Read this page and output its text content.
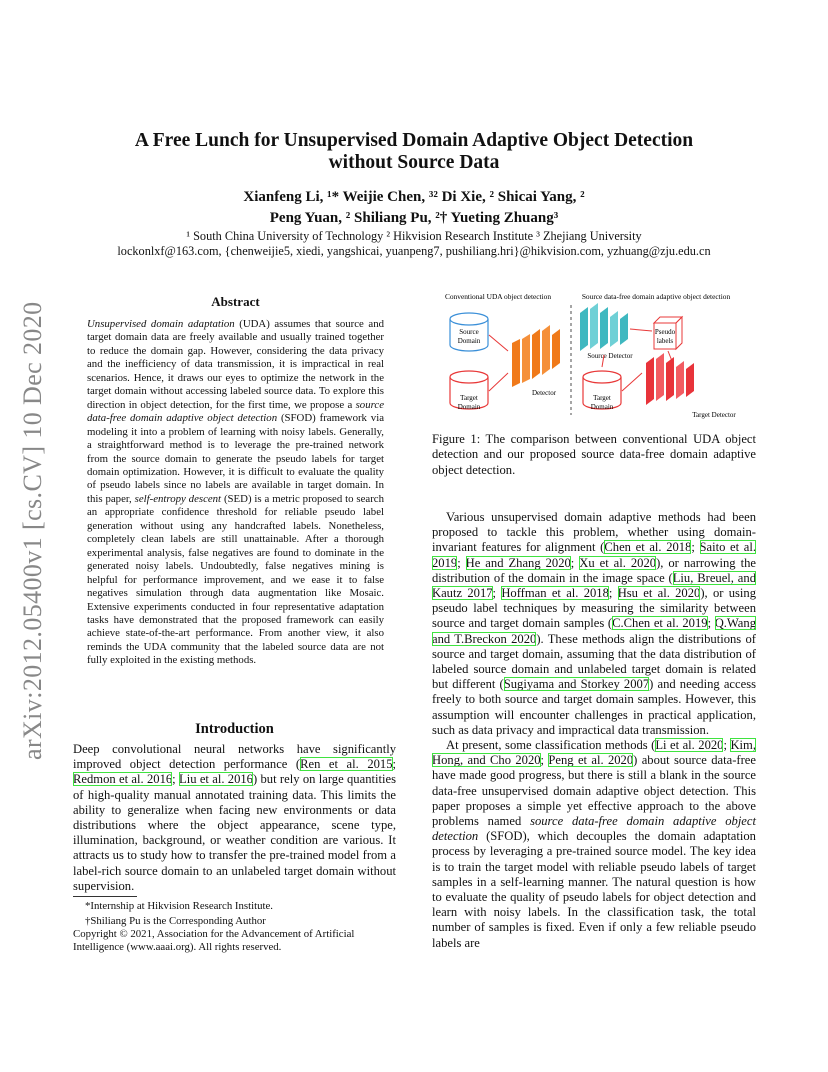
A Free Lunch for Unsupervised Domain Adaptive Object Detection
without Source Data
Xianfeng Li, ¹* Weijie Chen, ³² Di Xie, ² Shicai Yang, ²
Peng Yuan, ² Shiliang Pu, ²† Yueting Zhuang³
¹ South China University of Technology ² Hikvision Research Institute ³ Zhejiang University
lockonlxf@163.com, {chenweijie5, xiedi, yangshicai, yuanpeng7, pushiliang.hri}@hikvision.com, yzhuang@zju.edu.cn
arXiv:2012.05400v1 [cs.CV] 10 Dec 2020	Abstract
Unsupervised domain adaptation (UDA) assumes that source and target domain data are freely available and usually trained together to reduce the domain gap. However, considering the data privacy and the inefficiency of data transmission, it is impractical in real scenarios. Hence, it draws our eyes to optimize the network in the target domain without accessing labeled source data. To explore this direction in object detection, for the first time, we propose a source data-free domain adaptive object detection (SFOD) framework via modeling it into a problem of learning with noisy labels. Generally, a straightforward method is to leverage the pre-trained network from the source domain to generate the pseudo labels for target domain optimization. However, it is difficult to evaluate the quality of pseudo labels since no labels are available in target domain. In this paper, self-entropy descent (SED) is a metric proposed to search an appropriate confidence threshold for reliable pseudo label generation without using any handcrafted labels. Nonetheless, completely clean labels are still unattainable. After a thorough experimental analysis, false negatives are found to dominate in the generated noisy labels. Undoubtedly, false negatives mining is helpful for performance improvement, and we ease it to false negatives simulation through data augmentation like Mosaic. Extensive experiments conducted in four representative adaptation tasks have demonstrated that the proposed framework can easily achieve state-of-the-art performance. From another view, it also reminds the UDA community that the labeled source data are not fully exploited in the existing methods.
Introduction
Deep convolutional neural networks have significantly improved object detection performance (Ren et al. 2015; Redmon et al. 2016; Liu et al. 2016) but rely on large quantities of high-quality manual annotated training data. This limits the ability to generalize when facing new environments or data distributions where the object appearance, scene type, illumination, background, or weather condition are various. It attracts us to study how to transfer the pre-trained model from a label-rich source domain to an unlabeled target domain without supervision.
*Internship at Hikvision Research Institute.
†Shiliang Pu is the Corresponding Author
Copyright © 2021, Association for the Advancement of Artificial Intelligence (www.aaai.org). All rights reserved.
Conventional UDA object detection	Source data-free domain adaptive object detection
Source
Domain
Target
Domain
Detector
Source Detector
Pseudo
labels
Target
Domain
Target Detector
Figure 1: The comparison between conventional UDA object detection and our proposed source data-free domain adaptive object detection.

Various unsupervised domain adaptive methods had been proposed to tackle this problem, whether using domain-invariant features for alignment (Chen et al. 2018; Saito et al. 2019; He and Zhang 2020; Xu et al. 2020), or narrowing the distribution of the domain in the image space (Liu, Breuel, and Kautz 2017; Hoffman et al. 2018; Hsu et al. 2020), or using pseudo label techniques by measuring the similarity between source and target domain samples (C.Chen et al. 2019; Q.Wang and T.Breckon 2020). These methods align the distributions of source and target domain, assuming that the data distribution of labeled source domain and unlabeled target domain is related but different (Sugiyama and Storkey 2007) and needing access freely to both source and target domain samples. However, this assumption will encounter challenges in practical application, such as data privacy and impractical data transmission.

At present, some classification methods (Li et al. 2020; Kim, Hong, and Cho 2020; Peng et al. 2020) about source data-free have made good progress, but there is still a blank in the source data-free unsupervised domain adaptive object detection. This paper proposes a simple yet effective approach to the above problems named source data-free domain adaptive object detection (SFOD), which decouples the domain adaptation process by leveraging a pre-trained source model. The key idea is to train the target model with reliable pseudo labels of target samples in a self-learning manner. The natural question is how to evaluate the quality of pseudo labels for object detection and learn with noisy labels. In the classification task, the total number of samples is fixed. Even if only a few reliable pseudo labels are
